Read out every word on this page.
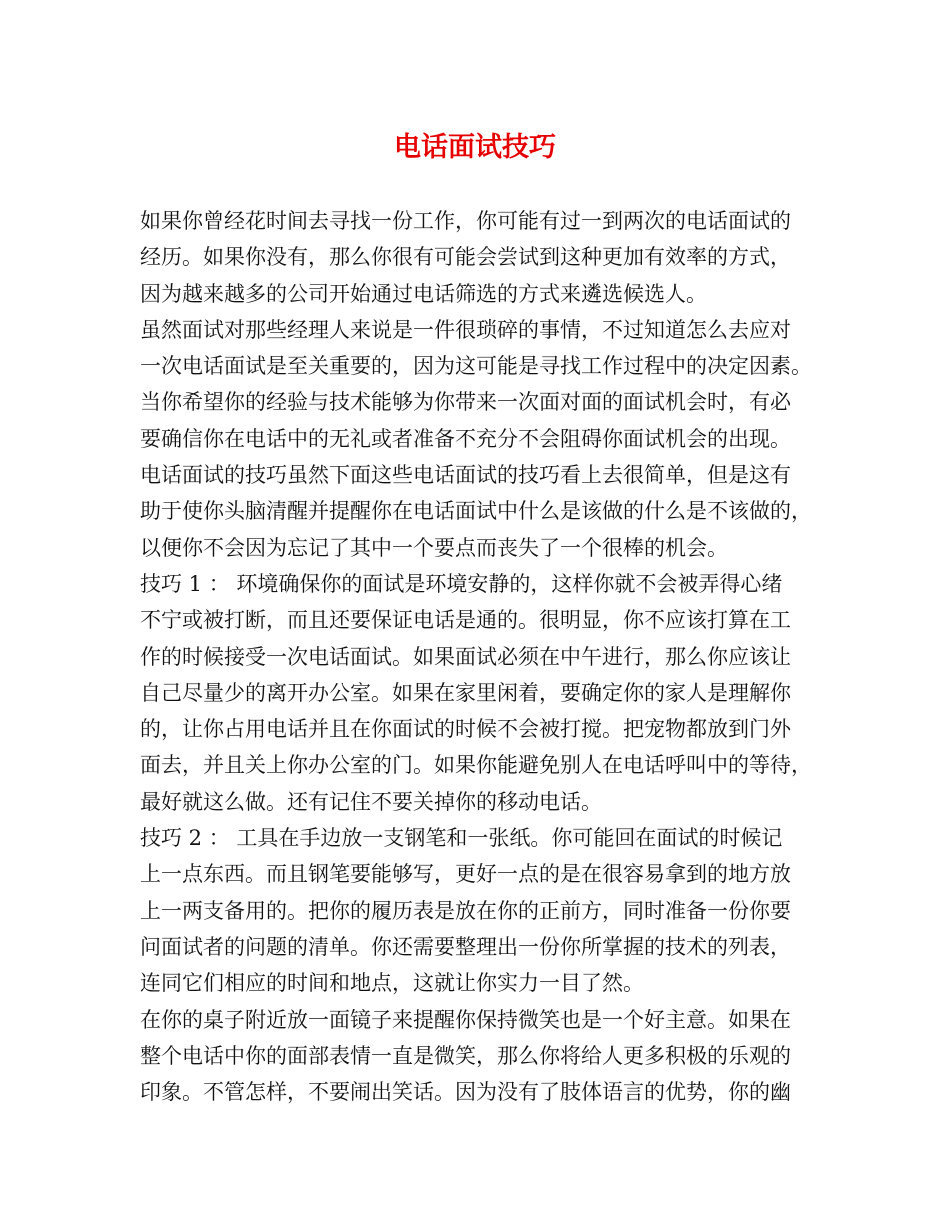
电话面试技巧
如果你曾经花时间去寻找一份工作，你可能有过一到两次的电话面试的
经历。如果你没有，那么你很有可能会尝试到这种更加有效率的方式，
因为越来越多的公司开始通过电话筛选的方式来遴选候选人。
虽然面试对那些经理人来说是一件很琐碎的事情，不过知道怎么去应对
一次电话面试是至关重要的，因为这可能是寻找工作过程中的决定因素。
当你希望你的经验与技术能够为你带来一次面对面的面试机会时，有必
要确信你在电话中的无礼或者准备不充分不会阻碍你面试机会的出现。
电话面试的技巧虽然下面这些电话面试的技巧看上去很简单，但是这有
助于使你头脑清醒并提醒你在电话面试中什么是该做的什么是不该做的，
以便你不会因为忘记了其中一个要点而丧失了一个很棒的机会。
技巧 1 ： 环境确保你的面试是环境安静的，这样你就不会被弄得心绪
不宁或被打断，而且还要保证电话是通的。很明显，你不应该打算在工
作的时候接受一次电话面试。如果面试必须在中午进行，那么你应该让
自己尽量少的离开办公室。如果在家里闲着，要确定你的家人是理解你
的，让你占用电话并且在你面试的时候不会被打搅。把宠物都放到门外
面去，并且关上你办公室的门。如果你能避免别人在电话呼叫中的等待，
最好就这么做。还有记住不要关掉你的移动电话。
技巧 2 ： 工具在手边放一支钢笔和一张纸。你可能回在面试的时候记
上一点东西。而且钢笔要能够写，更好一点的是在很容易拿到的地方放
上一两支备用的。把你的履历表是放在你的正前方，同时准备一份你要
问面试者的问题的清单。你还需要整理出一份你所掌握的技术的列表，
连同它们相应的时间和地点，这就让你实力一目了然。
在你的桌子附近放一面镜子来提醒你保持微笑也是一个好主意。如果在
整个电话中你的面部表情一直是微笑，那么你将给人更多积极的乐观的
印象。不管怎样，不要闹出笑话。因为没有了肢体语言的优势，你的幽
